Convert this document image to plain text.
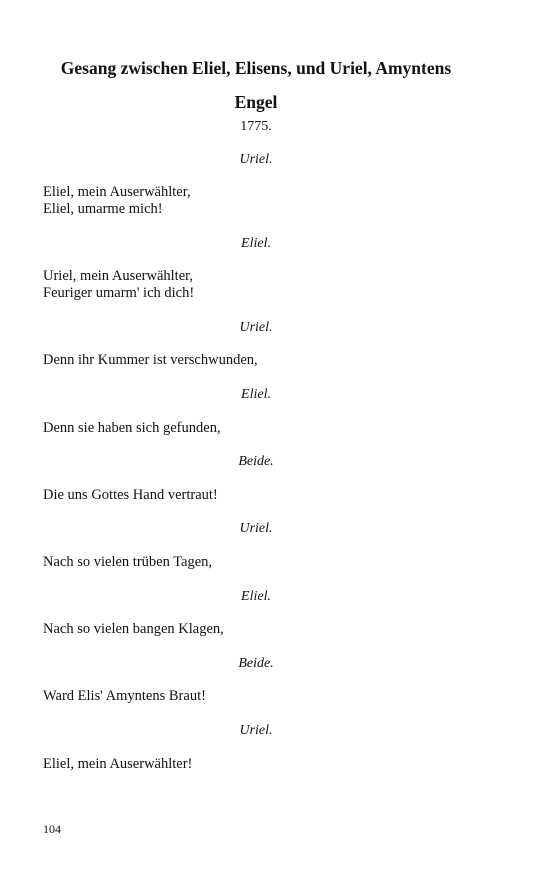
Gesang zwischen Eliel, Elisens, und Uriel, Amyntens
Engel
1775.
Uriel.
Eliel, mein Auserwählter,
Eliel, umarme mich!
Eliel.
Uriel, mein Auserwählter,
Feuriger umarm' ich dich!
Uriel.
Denn ihr Kummer ist verschwunden,
Eliel.
Denn sie haben sich gefunden,
Beide.
Die uns Gottes Hand vertraut!
Uriel.
Nach so vielen trüben Tagen,
Eliel.
Nach so vielen bangen Klagen,
Beide.
Ward Elis' Amyntens Braut!
Uriel.
Eliel, mein Auserwählter!
104
